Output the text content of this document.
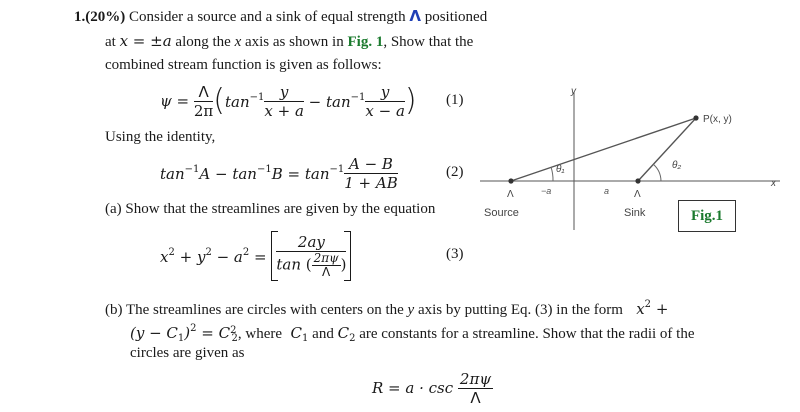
1.(20%) Consider a source and a sink of equal strength Λ positioned
at x = ±a along the x axis as shown in Fig. 1, Show that the
combined stream function is given as follows:
$\psi = \frac{\Lambda}{2\pi}$ ( $\tan^{-1} \frac{y}{x + a} - \tan^{-1} \frac{y}{x - a}$ ) (1)
Using the identity,
$\tan^{-1}A - \tan^{-1}B = \tan^{-1} \frac{A - B}{1 + AB}$	(2)
(a) Show that the streamlines are given by the equation
$x^2 + y^2 - a^2 = \frac{2ay}{\tan ( \frac{2\pi\psi}{\Lambda} )}$	(3)
(b) The streamlines are circles with centers on the y axis by putting Eq. (3) in the form   $x^2$ +
$(y - C_1)^2 = C^2_2$, where  $C_1$ and $C_2$ are constants for a streamline. Show that the radii of the
circles are given as
$R = a \cdot \csc \frac{2\pi\psi}{\Lambda}$
y
x
θ₁	θ₂
P(x, y)
−a	a
Λ	Λ
Source	Sink	Fig.1
